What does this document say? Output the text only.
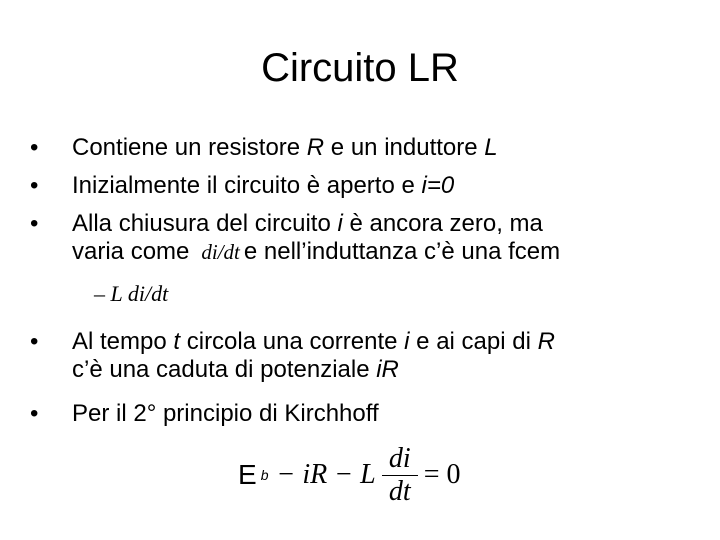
Circuito LR
• Contiene un resistore R e un induttore L
• Inizialmente il circuito è aperto e i=0
• Alla chiusura del circuito i è ancora zero, ma
varia come di/dt e nell’induttanza c’è una fcem
– L di/dt
• Al tempo t circola una corrente i e ai capi di R
c’è una caduta di potenziale iR
• Per il 2° principio di Kirchhoff
E b − iR − L $\frac{di}{dt} = 0$
